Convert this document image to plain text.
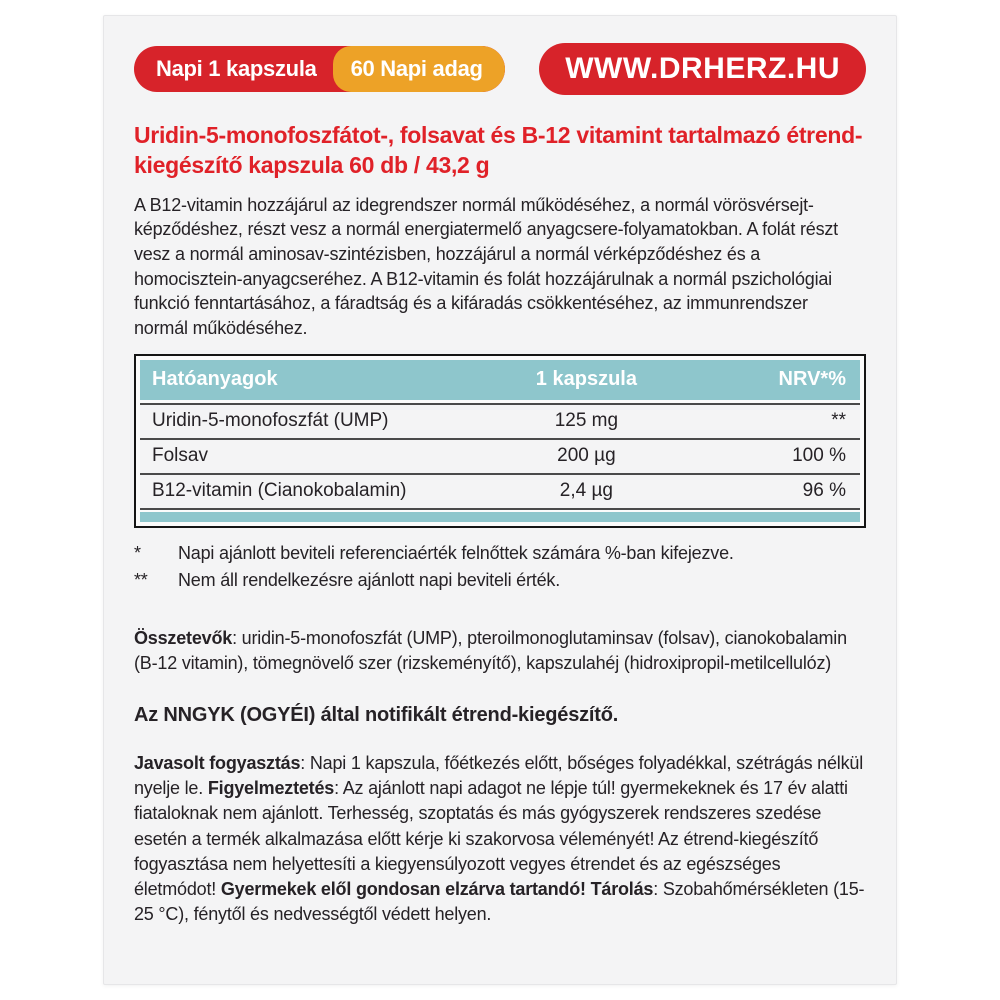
Napi 1 kapszula	60 Napi adag	WWW.DRHERZ.HU
Uridin-5-monofoszfátot-, folsavat és B-12 vitamint tartalmazó étrend-kiegészítő kapszula 60 db / 43,2 g
A B12-vitamin hozzájárul az idegrendszer normál működéséhez, a normál vörösvérsejt-képződéshez, részt vesz a normál energiatermelő anyagcsere-folyamatokban. A folát részt vesz a normál aminosav-szintézisben, hozzájárul a normál vérképződéshez és a homocisztein-anyagcseréhez. A B12-vitamin és folát hozzájárulnak a normál pszichológiai funkció fenntartásához, a fáradtság és a kifáradás csökkentéséhez, az immunrendszer normál működéséhez.
Hatóanyagok	1 kapszula	NRV*%
Uridin-5-monofoszfát (UMP)	125 mg	**
Folsav	200 µg	100 %
B12-vitamin (Cianokobalamin)	2,4 µg	96 %
*	Napi ajánlott beviteli referenciaérték felnőttek számára %-ban kifejezve.
**	Nem áll rendelkezésre ajánlott napi beviteli érték.
Összetevők: uridin-5-monofoszfát (UMP), pteroilmonoglutaminsav (folsav), cianokobalamin (B-12 vitamin), tömegnövelő szer (rizskeményítő), kapszulahéj (hidroxipropil-metilcellulóz)
Az NNGYK (OGYÉI) által notifikált étrend-kiegészítő.
Javasolt fogyasztás: Napi 1 kapszula, főétkezés előtt, bőséges folyadékkal, szétrágás nélkül nyelje le. Figyelmeztetés: Az ajánlott napi adagot ne lépje túl! gyermekeknek és 17 év alatti fiataloknak nem ajánlott. Terhesség, szoptatás és más gyógyszerek rendszeres szedése esetén a termék alkalmazása előtt kérje ki szakorvosa véleményét! Az étrend-kiegészítő fogyasztása nem helyettesíti a kiegyensúlyozott vegyes étrendet és az egészséges életmódot! Gyermekek elől gondosan elzárva tartandó! Tárolás: Szobahőmérsékleten (15-25 °C), fénytől és nedvességtől védett helyen.
